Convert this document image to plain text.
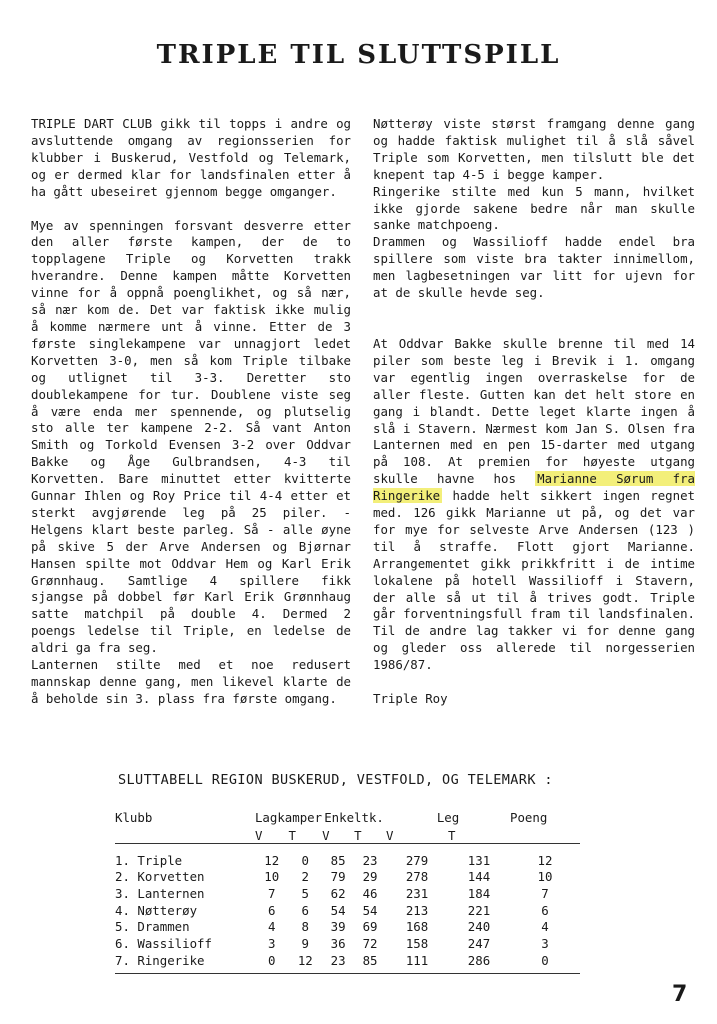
TRIPLE TIL SLUTTSPILL

TRIPLE DART CLUB gikk til topps i andre og avsluttende omgang av regionsserien for klubber i Buskerud, Vestfold og Telemark, og er dermed klar for landsfinalen etter å ha gått ubeseiret gjennom begge omganger.

Mye av spenningen forsvant desverre etter den aller første kampen, der de to topplagene Triple og Korvetten trakk hverandre. Denne kampen måtte Korvetten vinne for å oppnå poenglikhet, og så nær, så nær kom de. Det var faktisk ikke mulig å komme nærmere unt å vinne. Etter de 3 første singlekampene var unnagjort ledet Korvetten 3-0, men så kom Triple tilbake og utlignet til 3-3. Deretter sto doublekampene for tur. Doublene viste seg å være enda mer spennende, og plutselig sto alle ter kampene 2-2. Så vant Anton Smith og Torkold Evensen 3-2 over Oddvar Bakke og Åge Gulbrandsen, 4-3 til Korvetten. Bare minuttet etter kvitterte Gunnar Ihlen og Roy Price til 4-4 etter et sterkt avgjørende leg på 25 piler. - Helgens klart beste parleg. Så - alle øyne på skive 5 der Arve Andersen og Bjørnar Hansen spilte mot Oddvar Hem og Karl Erik Grønnhaug. Samtlige 4 spillere fikk sjangse på dobbel før Karl Erik Grønnhaug satte matchpil på double 4. Dermed 2 poengs ledelse til Triple, en ledelse de aldri ga fra seg.

Lanternen stilte med et noe redusert mannskap denne gang, men likevel klarte de å beholde sin 3. plass fra første omgang.

Nøtterøy viste størst framgang denne gang og hadde faktisk mulighet til å slå såvel Triple som Korvetten, men tilslutt ble det knepent tap 4-5 i begge kamper.

Ringerike stilte med kun 5 mann, hvilket ikke gjorde sakene bedre når man skulle sanke matchpoeng.

Drammen og Wassilioff hadde endel bra spillere som viste bra takter innimellom, men lagbesetningen var litt for ujevn for at de skulle hevde seg.

At Oddvar Bakke skulle brenne til med 14 piler som beste leg i Brevik i 1. omgang var egentlig ingen overraskelse for de aller fleste. Gutten kan det helt store en gang i blandt. Dette leget klarte ingen å slå i Stavern. Nærmest kom Jan S. Olsen fra Lanternen med en pen 15-darter med utgang på 108. At premien for høyeste utgang skulle havne hos Marianne Sørum fra Ringerike hadde helt sikkert ingen regnet med. 126 gikk Marianne ut på, og det var for mye for selveste Arve Andersen (123 ) til å straffe. Flott gjort Marianne. Arrangementet gikk prikkfritt i de intime lokalene på hotell Wassilioff i Stavern, der alle så ut til å trives godt. Triple går forventningsfull fram til landsfinalen. Til de andre lag takker vi for denne gang og gleder oss allerede til norgesserien 1986/87.

Triple Roy

SLUTTABELL REGION BUSKERUD, VESTFOLD, OG TELEMARK :
Klubb	Lagkamper		Enkeltk.		Leg		Poeng
	V	T	V	T	V	T	
1. Triple	12	0	85	23	279	131	12
2. Korvetten	10	2	79	29	278	144	10
3. Lanternen	7	5	62	46	231	184	7
4. Nøtterøy	6	6	54	54	213	221	6
5. Drammen	4	8	39	69	168	240	4
6. Wassilioff	3	9	36	72	158	247	3
7. Ringerike	0	12	23	85	111	286	0
7
